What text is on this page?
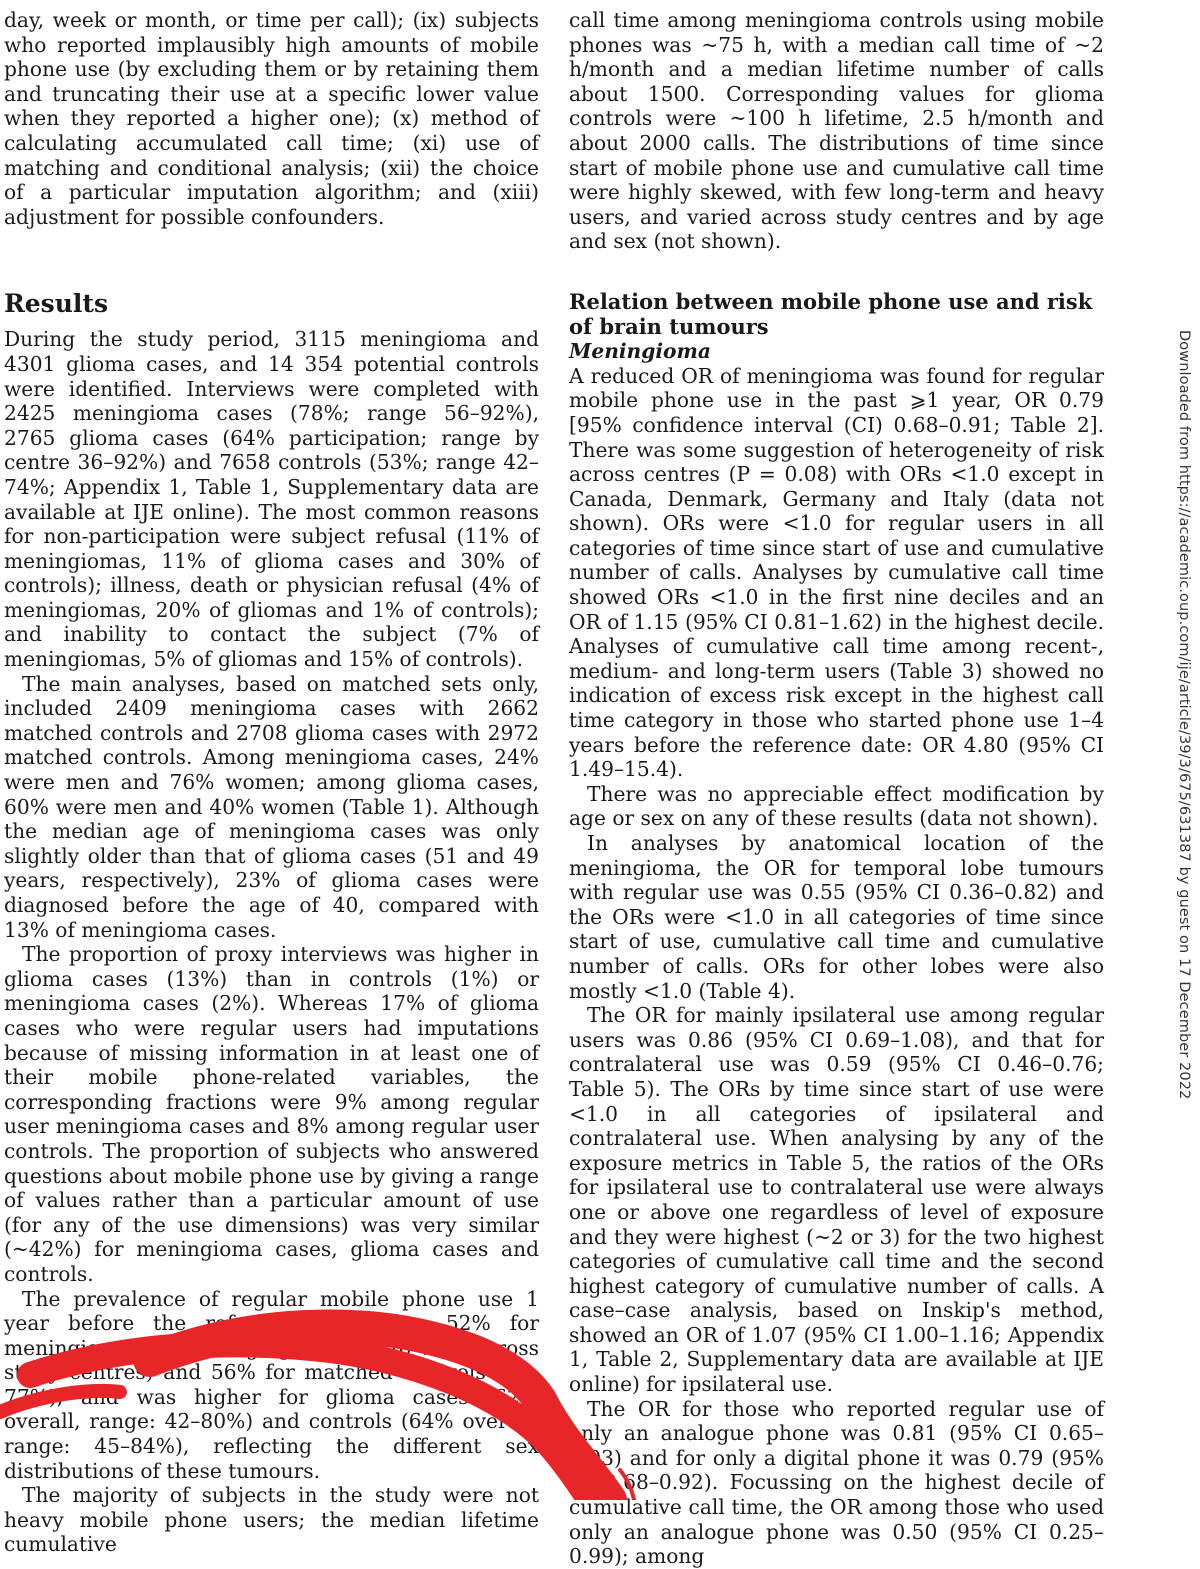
day, week or month, or time per call); (ix) subjects who reported implausibly high amounts of mobile phone use (by excluding them or by retaining them and truncating their use at a specific lower value when they reported a higher one); (x) method of calculating accumulated call time; (xi) use of matching and conditional analysis; (xii) the choice of a particular imputation algorithm; and (xiii) adjustment for possible confounders.

Results

During the study period, 3115 meningioma and 4301 glioma cases, and 14 354 potential controls were identified. Interviews were completed with 2425 meningioma cases (78%; range 56–92%), 2765 glioma cases (64% participation; range by centre 36–92%) and 7658 controls (53%; range 42–74%; Appendix 1, Table 1, Supplementary data are available at IJE online). The most common reasons for non-participation were subject refusal (11% of meningiomas, 11% of glioma cases and 30% of controls); illness, death or physician refusal (4% of meningiomas, 20% of gliomas and 1% of controls); and inability to contact the subject (7% of meningiomas, 5% of gliomas and 15% of controls).

The main analyses, based on matched sets only, included 2409 meningioma cases with 2662 matched controls and 2708 glioma cases with 2972 matched controls. Among meningioma cases, 24% were men and 76% women; among glioma cases, 60% were men and 40% women (Table 1). Although the median age of meningioma cases was only slightly older than that of glioma cases (51 and 49 years, respectively), 23% of glioma cases were diagnosed before the age of 40, compared with 13% of meningioma cases.

The proportion of proxy interviews was higher in glioma cases (13%) than in controls (1%) or meningioma cases (2%). Whereas 17% of glioma cases who were regular users had imputations because of missing information in at least one of their mobile phone-related variables, the corresponding fractions were 9% among regular user meningioma cases and 8% among regular user controls. The proportion of subjects who answered questions about mobile phone use by giving a range of values rather than a particular amount of use (for any of the use dimensions) was very similar (~42%) for meningioma cases, glioma cases and controls.

The prevalence of regular mobile phone use 1 year before the reference date was 52% for meningioma cases (ranging from 38 to 72% across study centres) and 56% for matched controls (35–77%), and was higher for glioma cases (62% overall, range: 42–80%) and controls (64% overall, range: 45–84%), reflecting the different sex distributions of these tumours.

The majority of subjects in the study were not heavy mobile phone users; the median lifetime cumulative

call time among meningioma controls using mobile phones was ~75 h, with a median call time of ~2 h/month and a median lifetime number of calls about 1500. Corresponding values for glioma controls were ~100 h lifetime, 2.5 h/month and about 2000 calls. The distributions of time since start of mobile phone use and cumulative call time were highly skewed, with few long-term and heavy users, and varied across study centres and by age and sex (not shown).

Relation between mobile phone use and risk of brain tumours
Meningioma

A reduced OR of meningioma was found for regular mobile phone use in the past ⩾1 year, OR 0.79 [95% confidence interval (CI) 0.68–0.91; Table 2]. There was some suggestion of heterogeneity of risk across centres (P = 0.08) with ORs <1.0 except in Canada, Denmark, Germany and Italy (data not shown). ORs were <1.0 for regular users in all categories of time since start of use and cumulative number of calls. Analyses by cumulative call time showed ORs <1.0 in the first nine deciles and an OR of 1.15 (95% CI 0.81–1.62) in the highest decile. Analyses of cumulative call time among recent-, medium- and long-term users (Table 3) showed no indication of excess risk except in the highest call time category in those who started phone use 1–4 years before the reference date: OR 4.80 (95% CI 1.49–15.4).

There was no appreciable effect modification by age or sex on any of these results (data not shown).

In analyses by anatomical location of the meningioma, the OR for temporal lobe tumours with regular use was 0.55 (95% CI 0.36–0.82) and the ORs were <1.0 in all categories of time since start of use, cumulative call time and cumulative number of calls. ORs for other lobes were also mostly <1.0 (Table 4).

The OR for mainly ipsilateral use among regular users was 0.86 (95% CI 0.69–1.08), and that for contralateral use was 0.59 (95% CI 0.46–0.76; Table 5). The ORs by time since start of use were <1.0 in all categories of ipsilateral and contralateral use. When analysing by any of the exposure metrics in Table 5, the ratios of the ORs for ipsilateral use to contralateral use were always one or above one regardless of level of exposure and they were highest (~2 or 3) for the two highest categories of cumulative call time and the second highest category of cumulative number of calls. A case–case analysis, based on Inskip's method, showed an OR of 1.07 (95% CI 1.00–1.16; Appendix 1, Table 2, Supplementary data are available at IJE online) for ipsilateral use.

The OR for those who reported regular use of only an analogue phone was 0.81 (95% CI 0.65–1.03) and for only a digital phone it was 0.79 (95% CI 0.68–0.92). Focussing on the highest decile of cumulative call time, the OR among those who used only an analogue phone was 0.50 (95% CI 0.25–0.99); among

Downloaded from https://academic.oup.com/ije/article/39/3/675/631387 by guest on 17 December 2022
